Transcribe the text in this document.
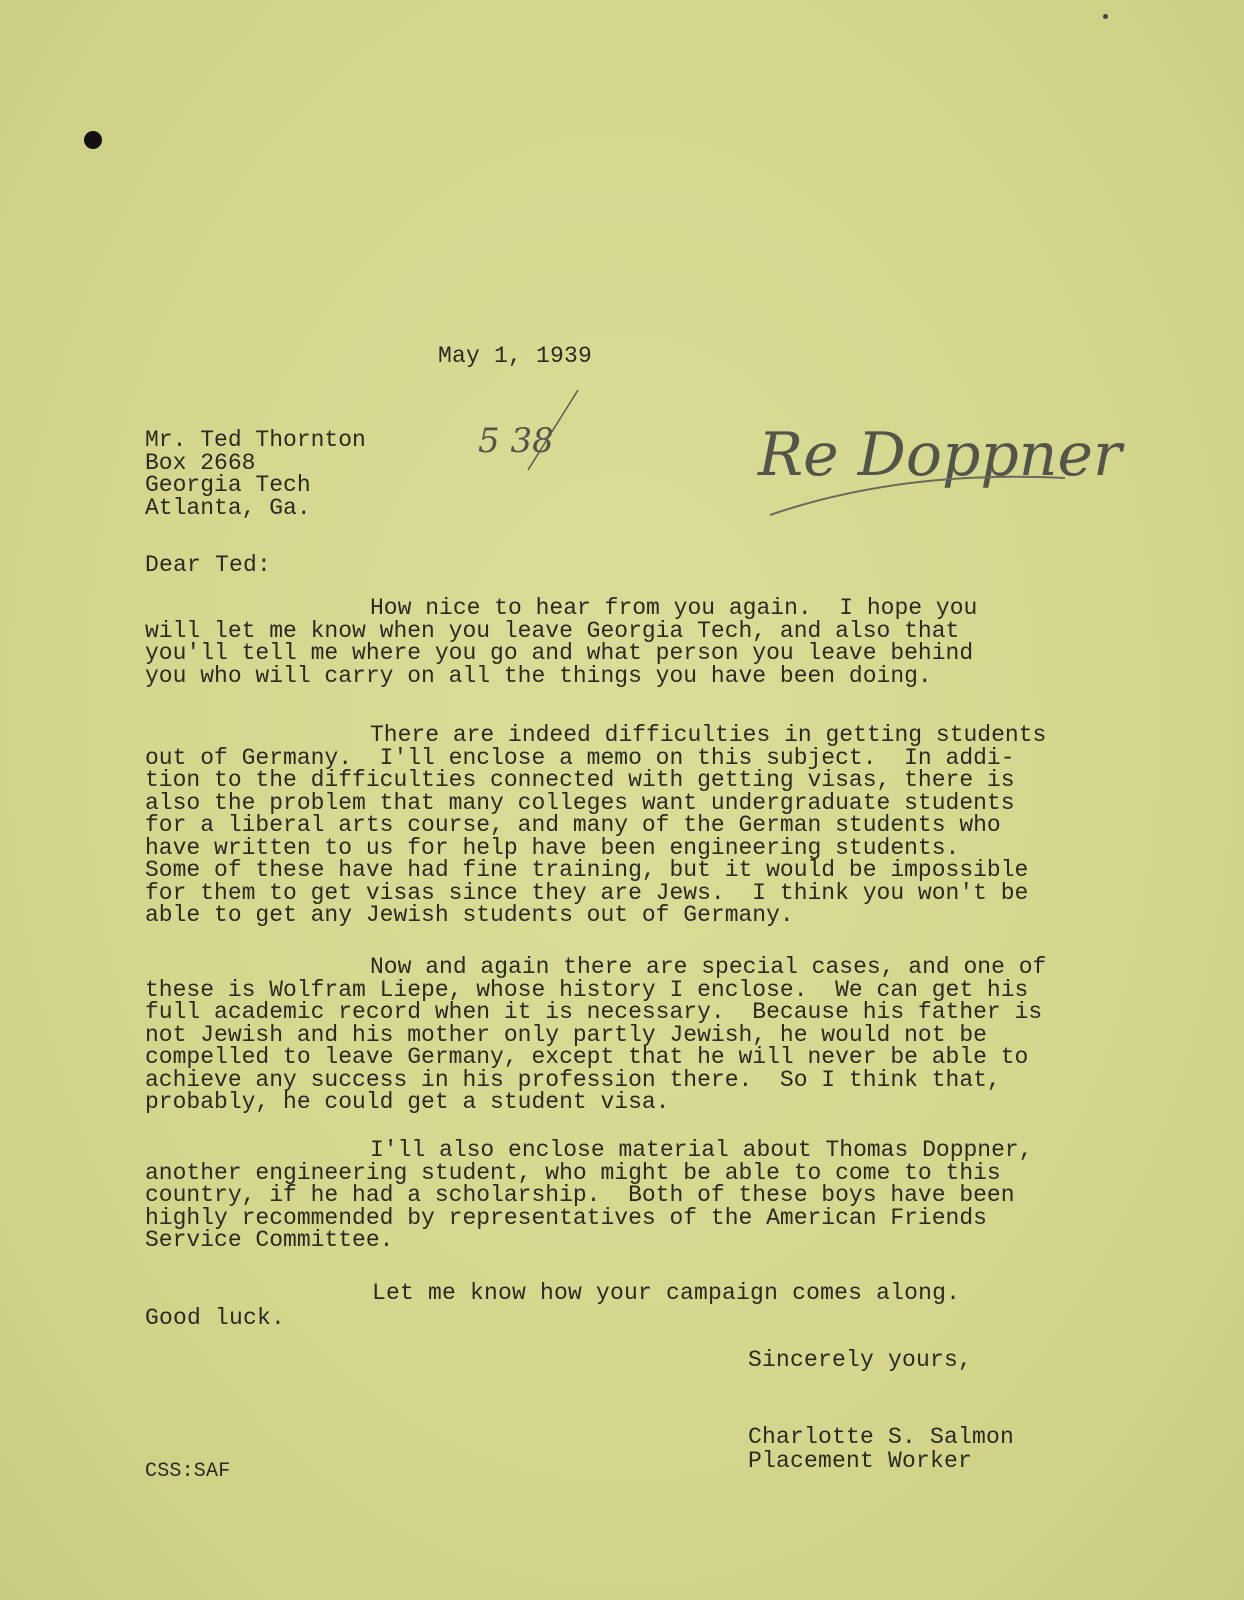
May 1, 1939
5 38	Re Doppner
Mr. Ted Thornton
Box 2668
Georgia Tech
Atlanta, Ga.
Dear Ted:
How nice to hear from you again.  I hope you
will let me know when you leave Georgia Tech, and also that
you'll tell me where you go and what person you leave behind
you who will carry on all the things you have been doing.
There are indeed difficulties in getting students
out of Germany.  I'll enclose a memo on this subject.  In addi-
tion to the difficulties connected with getting visas, there is
also the problem that many colleges want undergraduate students
for a liberal arts course, and many of the German students who
have written to us for help have been engineering students.
Some of these have had fine training, but it would be impossible
for them to get visas since they are Jews.  I think you won't be
able to get any Jewish students out of Germany.
Now and again there are special cases, and one of
these is Wolfram Liepe, whose history I enclose.  We can get his
full academic record when it is necessary.  Because his father is
not Jewish and his mother only partly Jewish, he would not be
compelled to leave Germany, except that he will never be able to
achieve any success in his profession there.  So I think that,
probably, he could get a student visa.
I'll also enclose material about Thomas Doppner,
another engineering student, who might be able to come to this
country, if he had a scholarship.  Both of these boys have been
highly recommended by representatives of the American Friends
Service Committee.
Let me know how your campaign comes along.
Good luck.
Sincerely yours,
Charlotte S. Salmon
Placement Worker
CSS:SAF
